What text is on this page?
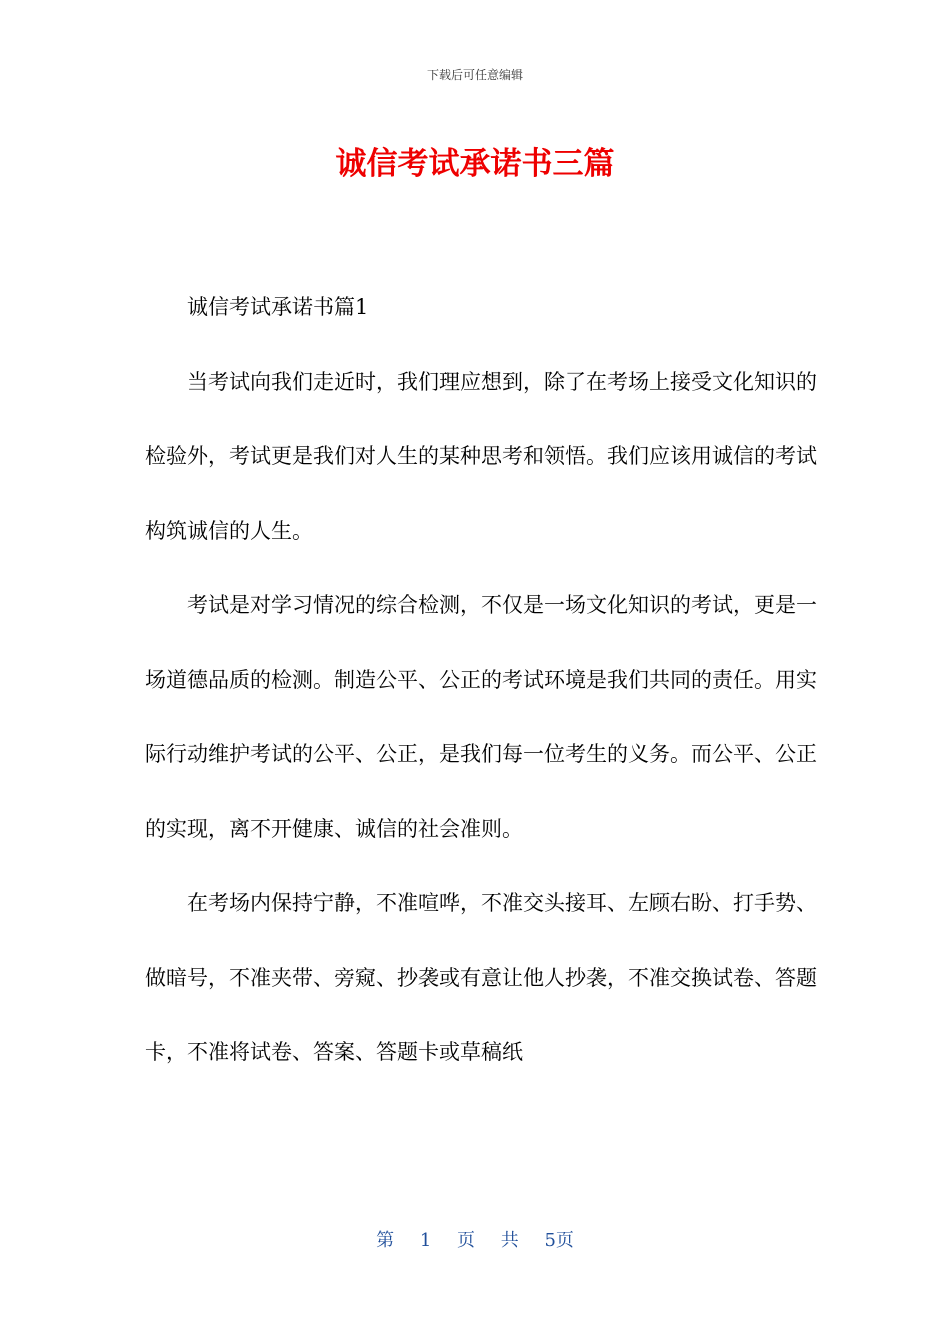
下载后可任意编辑
诚信考试承诺书三篇

诚信考试承诺书篇1

当考试向我们走近时，我们理应想到，除了在考场上接受文化知识的检验外，考试更是我们对人生的某种思考和领悟。我们应该用诚信的考试构筑诚信的人生。

考试是对学习情况的综合检测，不仅是一场文化知识的考试，更是一场道德品质的检测。制造公平、公正的考试环境是我们共同的责任。用实际行动维护考试的公平、公正，是我们每一位考生的义务。而公平、公正的实现，离不开健康、诚信的社会准则。

在考场内保持宁静，不准喧哗，不准交头接耳、左顾右盼、打手势、做暗号，不准夹带、旁窥、抄袭或有意让他人抄袭，不准交换试卷、答题卡，不准将试卷、答案、答题卡或草稿纸

第 1 页 共 5页
